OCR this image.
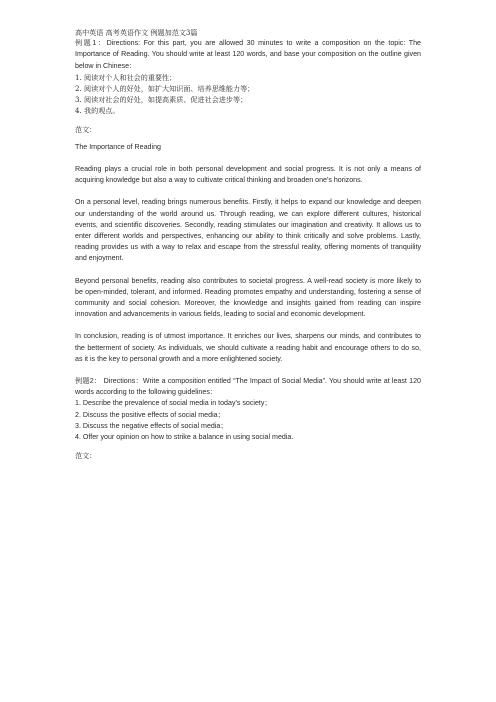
高中英语 高考英语作文 例题加范文3篇

例题1：Directions: For this part, you are allowed 30 minutes to write a composition on the topic: The Importance of Reading. You should write at least 120 words, and base your composition on the outline given below in Chinese：

1. 阅读对个人和社会的重要性；
2. 阅读对个人的好处，如扩大知识面、培养思维能力等；
3. 阅读对社会的好处，如提高素质、促进社会进步等；
4. 我的观点。

范文：

The Importance of Reading

Reading plays a crucial role in both personal development and social progress. It is not only a means of acquiring knowledge but also a way to cultivate critical thinking and broaden one's horizons.

On a personal level, reading brings numerous benefits. Firstly, it helps to expand our knowledge and deepen our understanding of the world around us. Through reading, we can explore different cultures, historical events, and scientific discoveries. Secondly, reading stimulates our imagination and creativity. It allows us to enter different worlds and perspectives, enhancing our ability to think critically and solve problems. Lastly, reading provides us with a way to relax and escape from the stressful reality, offering moments of tranquility and enjoyment.

Beyond personal benefits, reading also contributes to societal progress. A well-read society is more likely to be open-minded, tolerant, and informed. Reading promotes empathy and understanding, fostering a sense of community and social cohesion. Moreover, the knowledge and insights gained from reading can inspire innovation and advancements in various fields, leading to social and economic development.

In conclusion, reading is of utmost importance. It enriches our lives, sharpens our minds, and contributes to the betterment of society. As individuals, we should cultivate a reading habit and encourage others to do so, as it is the key to personal growth and a more enlightened society.

例题2： Directions：Write a composition entitled “The Impact of Social Media”. You should write at least 120 words according to the following guidelines：

1. Describe the prevalence of social media in today's society；
2. Discuss the positive effects of social media；
3. Discuss the negative effects of social media；
4. Offer your opinion on how to strike a balance in using social media.

范文：
